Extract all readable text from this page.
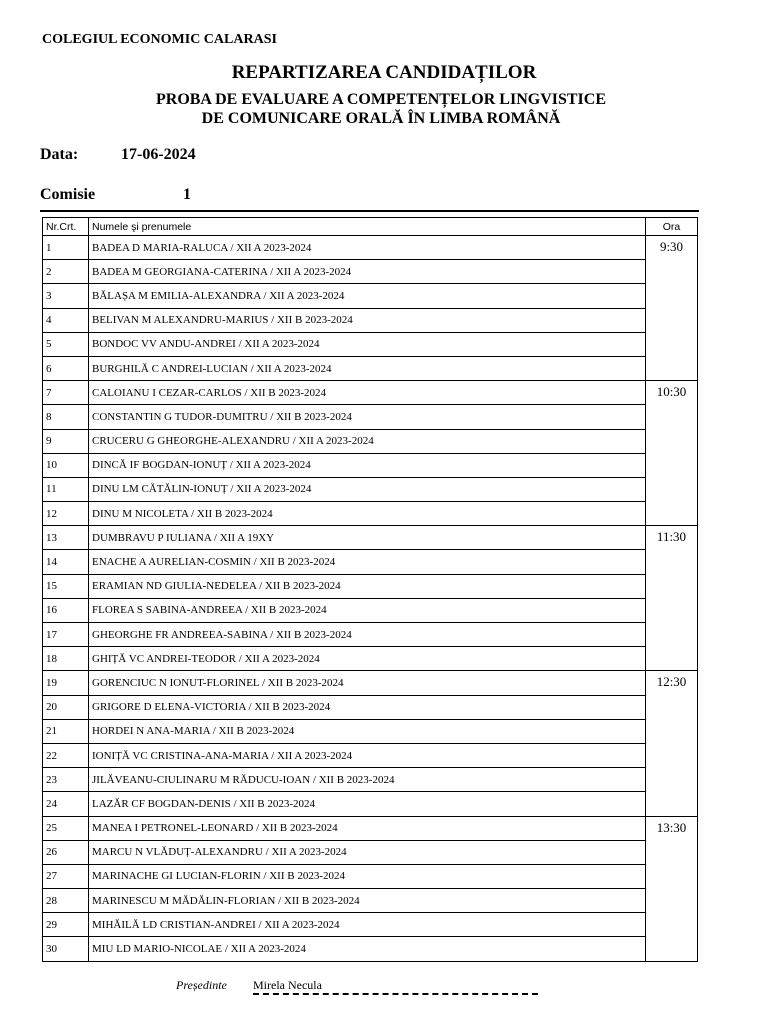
COLEGIUL ECONOMIC CALARASI
REPARTIZAREA CANDIDAȚILOR
PROBA DE EVALUARE A COMPETENȚELOR LINGVISTICE
DE COMUNICARE ORALĂ ÎN LIMBA ROMÂNĂ
Data:	17-06-2024
Comisie	1
Nr.Crt.	Numele şi prenumele	Ora
1	BADEA D MARIA-RALUCA / XII A 2023-2024	9:30
2	BADEA M GEORGIANA-CATERINA / XII A 2023-2024	
3	BĂLAȘA M EMILIA-ALEXANDRA / XII A 2023-2024	
4	BELIVAN M ALEXANDRU-MARIUS / XII B 2023-2024	
5	BONDOC VV ANDU-ANDREI / XII A 2023-2024	
6	BURGHILĂ C ANDREI-LUCIAN / XII A 2023-2024	
7	CALOIANU I CEZAR-CARLOS / XII B 2023-2024	10:30
8	CONSTANTIN G TUDOR-DUMITRU / XII B 2023-2024	
9	CRUCERU G GHEORGHE-ALEXANDRU / XII A 2023-2024	
10	DINCĂ IF BOGDAN-IONUȚ / XII A 2023-2024	
11	DINU LM CĂTĂLIN-IONUȚ / XII A 2023-2024	
12	DINU M NICOLETA / XII B 2023-2024	
13	DUMBRAVU P IULIANA / XII A 19XY	11:30
14	ENACHE A AURELIAN-COSMIN / XII B 2023-2024	
15	ERAMIAN ND GIULIA-NEDELEA / XII B 2023-2024	
16	FLOREA S SABINA-ANDREEA / XII B 2023-2024	
17	GHEORGHE FR ANDREEA-SABINA / XII B 2023-2024	
18	GHIȚĂ VC ANDREI-TEODOR / XII A 2023-2024	
19	GORENCIUC N IONUT-FLORINEL / XII B 2023-2024	12:30
20	GRIGORE D ELENA-VICTORIA / XII B 2023-2024	
21	HORDEI N ANA-MARIA / XII B 2023-2024	
22	IONIȚĂ VC CRISTINA-ANA-MARIA / XII A 2023-2024	
23	JILĂVEANU-CIULINARU M RĂDUCU-IOAN / XII B 2023-2024	
24	LAZĂR CF BOGDAN-DENIS / XII B 2023-2024	
25	MANEA I PETRONEL-LEONARD / XII B 2023-2024	13:30
26	MARCU N VLĂDUȚ-ALEXANDRU / XII A 2023-2024	
27	MARINACHE GI LUCIAN-FLORIN / XII B 2023-2024	
28	MARINESCU M MĂDĂLIN-FLORIAN / XII B 2023-2024	
29	MIHĂILĂ LD CRISTIAN-ANDREI / XII A 2023-2024	
30	MIU LD MARIO-NICOLAE / XII A 2023-2024	
Președinte Mirela Necula
